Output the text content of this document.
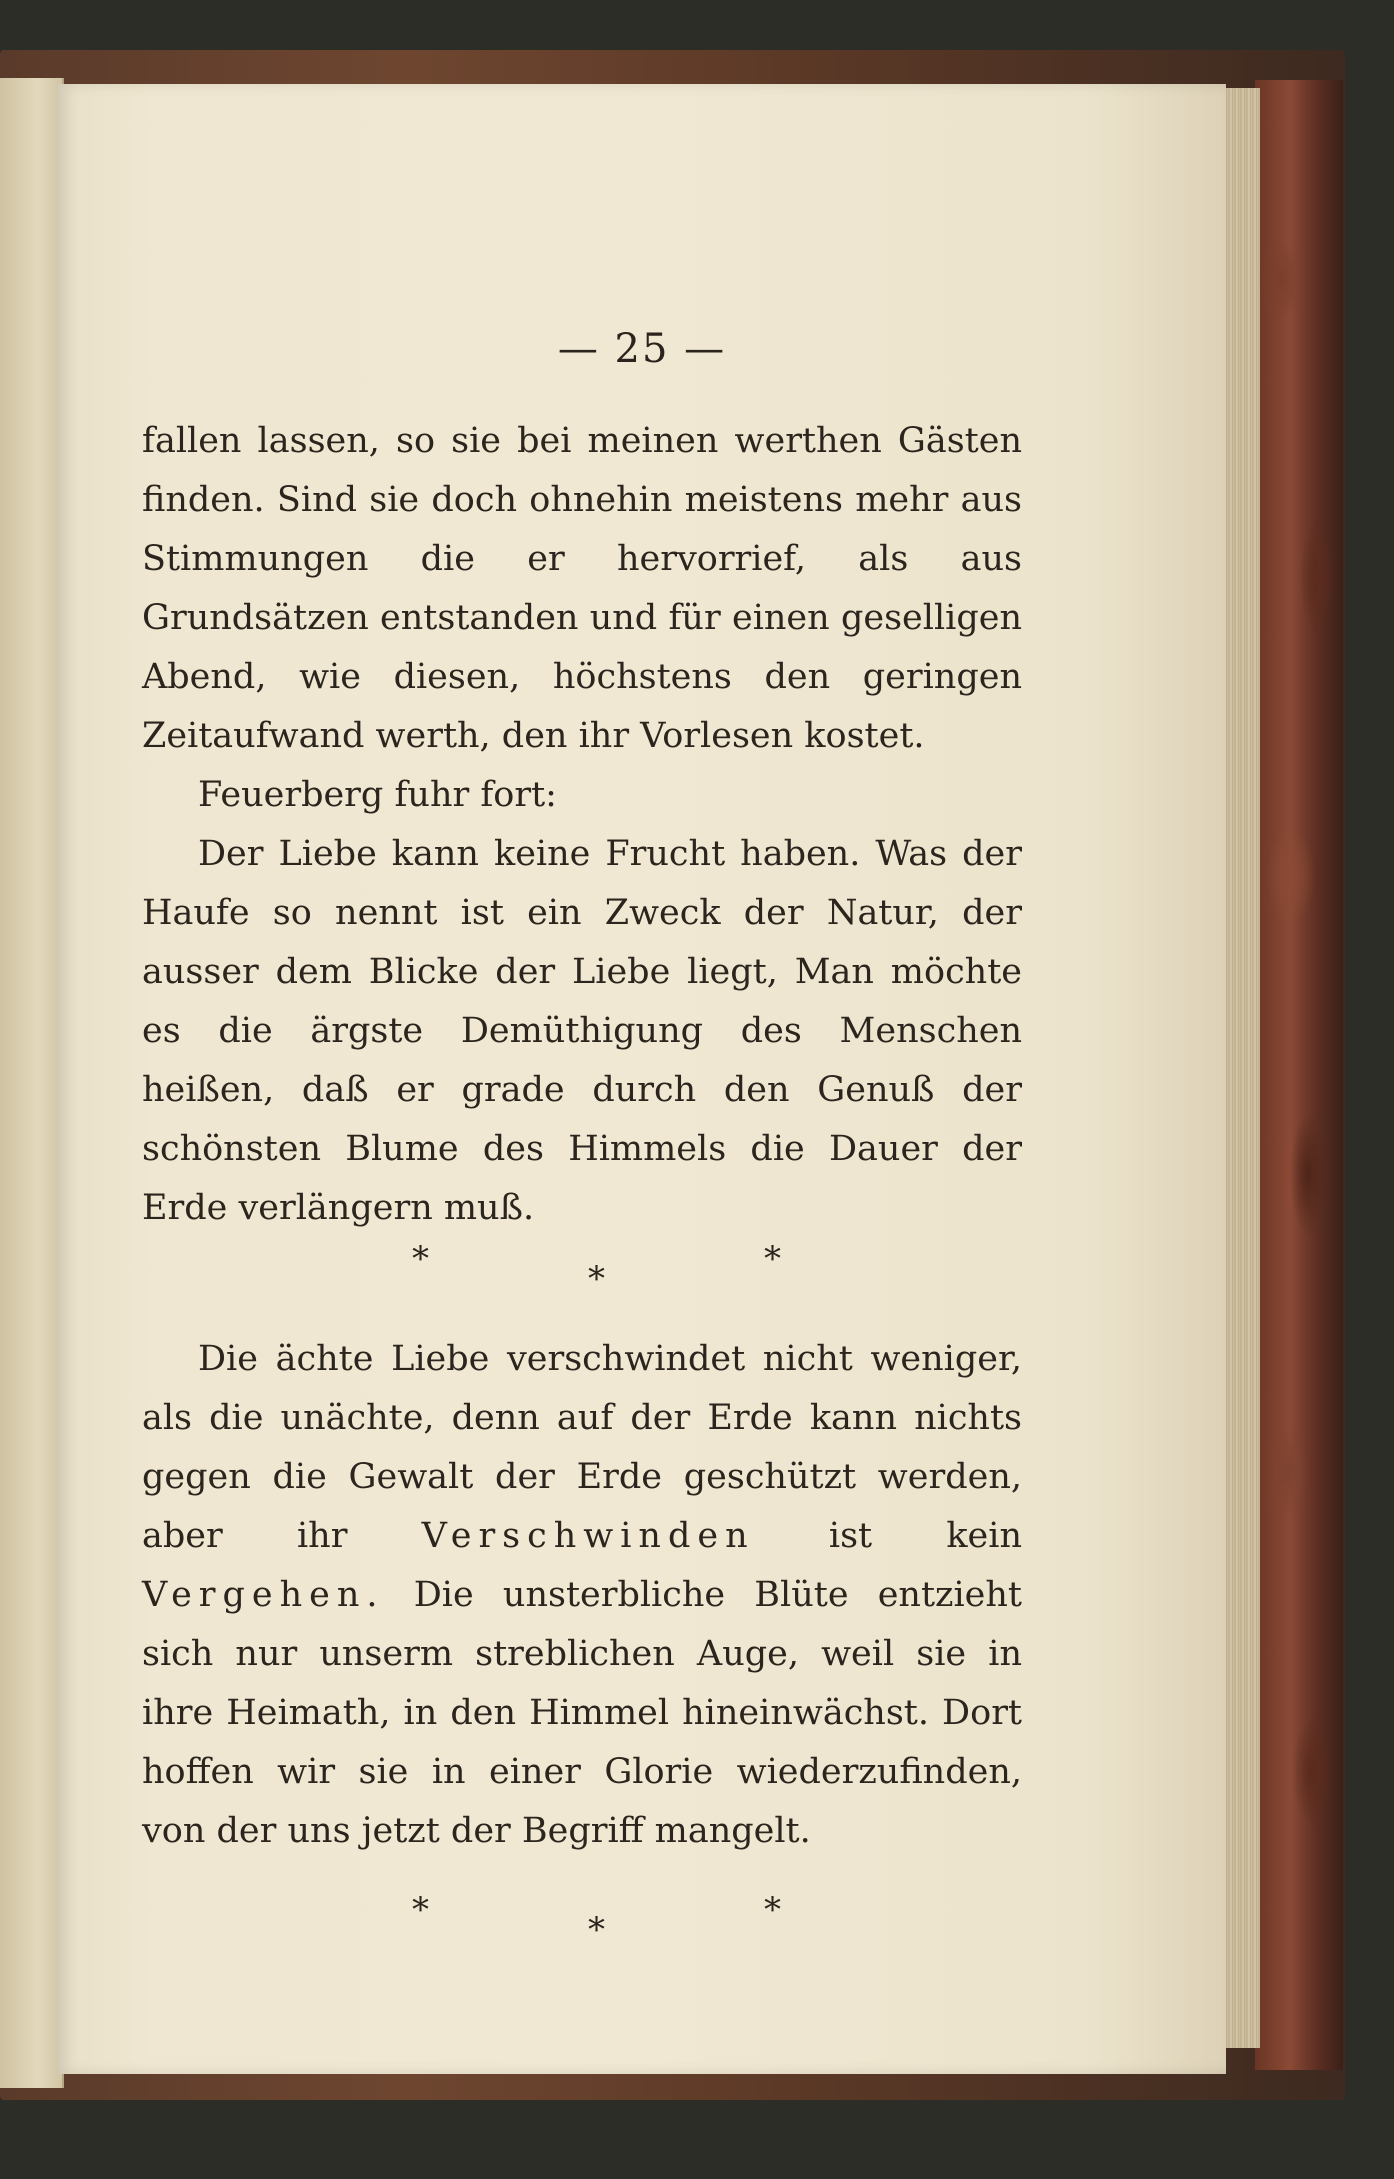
— 25 —

fallen lassen, so sie bei meinen werthen Gästen finden. Sind sie doch ohnehin meistens mehr aus Stimmungen die er hervorrief, als aus Grundsätzen entstanden und für einen geselligen Abend, wie diesen, höchstens den geringen Zeitaufwand werth, den ihr Vorlesen kostet.

Feuerberg fuhr fort:

Der Liebe kann keine Frucht haben. Was der Haufe so nennt ist ein Zweck der Natur, der ausser dem Blicke der Liebe liegt, Man möchte es die ärgste Demüthigung des Menschen heißen, daß er grade durch den Genuß der schönsten Blume des Himmels die Dauer der Erde verlängern muß.

*	*	*

Die ächte Liebe verschwindet nicht weniger, als die unächte, denn auf der Erde kann nichts gegen die Gewalt der Erde geschützt werden, aber ihr Verschwinden ist kein Vergehen. Die unsterbliche Blüte entzieht sich nur unserm streblichen Auge, weil sie in ihre Heimath, in den Himmel hineinwächst. Dort hoffen wir sie in einer Glorie wiederzufinden, von der uns jetzt der Begriff mangelt.

*	*	*
